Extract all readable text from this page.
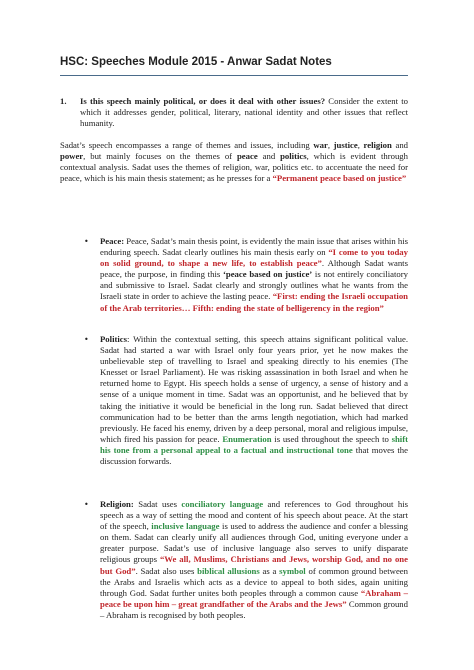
HSC: Speeches Module 2015 - Anwar Sadat Notes
1.	Is this speech mainly political, or does it deal with other issues? Consider the extent to which it addresses gender, political, literary, national identity and other issues that reflect humanity.

Sadat’s speech encompasses a range of themes and issues, including war, justice, religion and power, but mainly focuses on the themes of peace and politics, which is evident through contextual analysis. Sadat uses the themes of religion, war, politics etc. to accentuate the need for peace, which is his main thesis statement; as he presses for a “Permanent peace based on justice”

•	Peace: Peace, Sadat’s main thesis point, is evidently the main issue that arises within his enduring speech. Sadat clearly outlines his main thesis early on “I come to you today on solid ground, to shape a new life, to establish peace”. Although Sadat wants peace, the purpose, in finding this ‘peace based on justice’ is not entirely conciliatory and submissive to Israel. Sadat clearly and strongly outlines what he wants from the Israeli state in order to achieve the lasting peace. “First: ending the Israeli occupation of the Arab territories… Fifth: ending the state of belligerency in the region”

•	Politics: Within the contextual setting, this speech attains significant political value. Sadat had started a war with Israel only four years prior, yet he now makes the unbelievable step of travelling to Israel and speaking directly to his enemies (The Knesset or Israel Parliament). He was risking assassination in both Israel and when he returned home to Egypt. His speech holds a sense of urgency, a sense of history and a sense of a unique moment in time. Sadat was an opportunist, and he believed that by taking the initiative it would be beneficial in the long run. Sadat believed that direct communication had to be better than the arms length negotiation, which had marked previously. He faced his enemy, driven by a deep personal, moral and religious impulse, which fired his passion for peace. Enumeration is used throughout the speech to shift his tone from a personal appeal to a factual and instructional tone that moves the discussion forwards.

•	Religion: Sadat uses conciliatory language and references to God throughout his speech as a way of setting the mood and content of his speech about peace. At the start of the speech, inclusive language is used to address the audience and confer a blessing on them. Sadat can clearly unify all audiences through God, uniting everyone under a greater purpose. Sadat’s use of inclusive language also serves to unify disparate religious groups “We all, Muslims, Christians and Jews, worship God, and no one but God”. Sadat also uses biblical allusions as a symbol of common ground between the Arabs and Israelis which acts as a device to appeal to both sides, again uniting through God. Sadat further unites both peoples through a common cause “Abraham – peace be upon him – great grandfather of the Arabs and the Jews” Common ground – Abraham is recognised by both peoples.
